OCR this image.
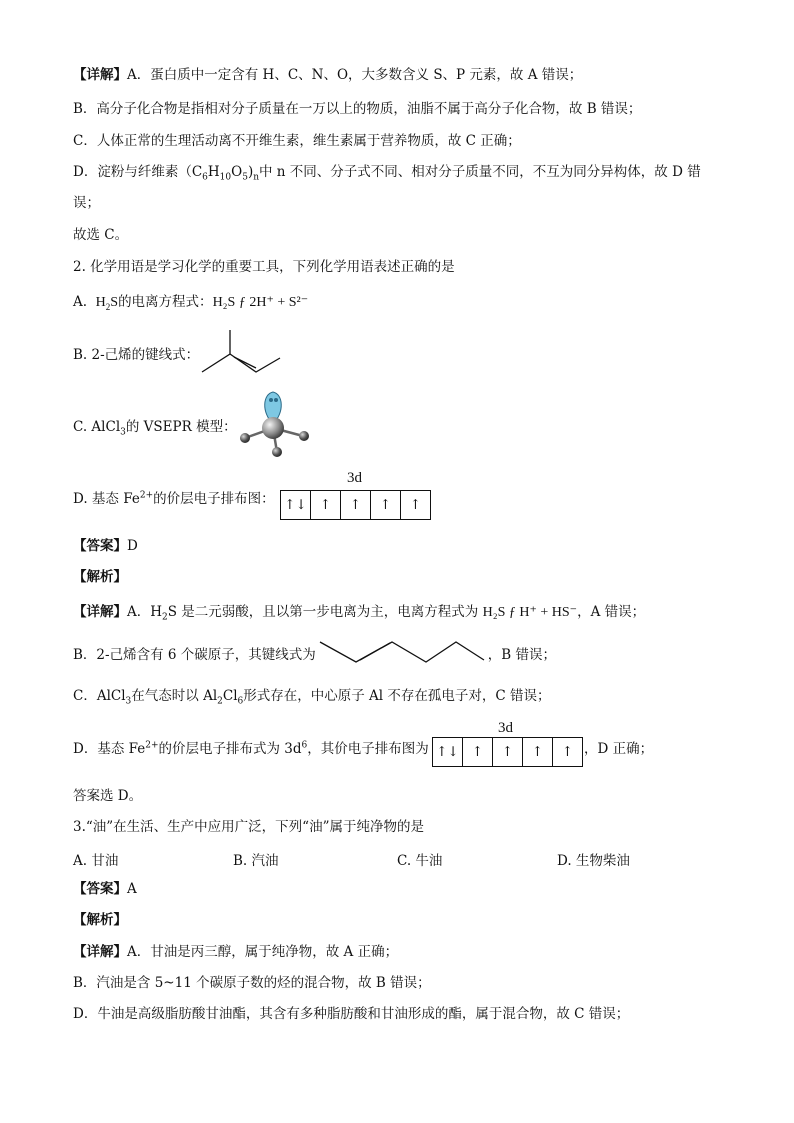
【详解】A．蛋白质中一定含有 H、C、N、O，大多数含义 S、P 元素，故 A 错误；
B．高分子化合物是指相对分子质量在一万以上的物质，油脂不属于高分子化合物，故 B 错误；
C．人体正常的生理活动离不开维生素，维生素属于营养物质，故 C 正确；
D．淀粉与纤维素$(C_6H_{10}O_5)_n$中 n 不同、分子式不同、相对分子质量不同，不互为同分异构体，故 D 错
误；
故选 C。
2. 化学用语是学习化学的重要工具，下列化学用语表述正确的是
A. $H_2S$的电离方程式：H₂S ƒ 2H⁺ + S²⁻
B. 2-己烯的键线式：
C. AlCl$_3$的 VSEPR 模型：
D. 基态 $Fe^{2+}$的价层电子排布图：
3d
↑↓ ↑	↑	↑	↑
【答案】D
【解析】
【详解】A．$H_2S$ 是二元弱酸，且以第一步电离为主，电离方程式为 H₂S ƒ H⁺ + HS⁻，A 错误；
B．2-己烯含有 6 个碳原子，其键线式为	，B 错误；
C．AlCl$_3$在气态时以 $Al_2Cl_6$形式存在，中心原子 Al 不存在孤电子对，C 错误；
D．基态 $Fe^{2+}$的价层电子排布式为 $3d^6$，其价电子排布图为
3d
↑↓ ↑	↑	↑	↑ ，D 正确；
答案选 D。
3.“油”在生活、生产中应用广泛，下列“油”属于纯净物的是
A. 甘油	B. 汽油	C. 牛油	D. 生物柴油
【答案】A
【解析】
【详解】A．甘油是丙三醇，属于纯净物，故 A 正确；
B．汽油是含 5~11 个碳原子数的烃的混合物，故 B 错误；
D．牛油是高级脂肪酸甘油酯，其含有多种脂肪酸和甘油形成的酯，属于混合物，故 C 错误；
